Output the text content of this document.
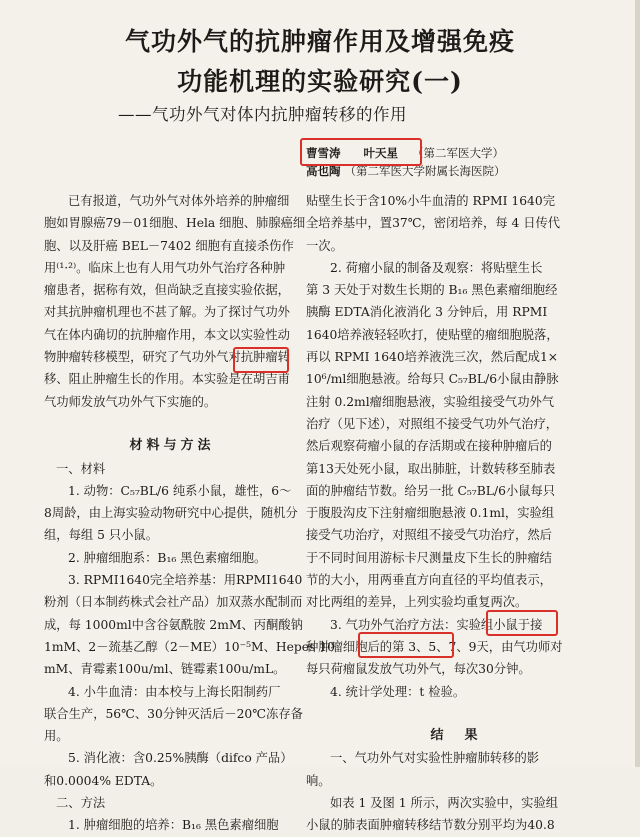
气功外气的抗肿瘤作用及增强免疫
功能机理的实验研究(一)
——气功外气对体内抗肿瘤转移的作用
曹雪涛　　叶天星 （第二军医大学）
高也陶 （第二军医大学附属长海医院）

已有报道，气功外气对体外培养的肿瘤细

胞如胃腺癌79－01细胞、Hela 细胞、肺腺癌细

胞、以及肝癌 BEL－7402 细胞有直接杀伤作

用⁽¹·²⁾。临床上也有人用气功外气治疗各种肿

瘤患者，据称有效，但尚缺乏直接实验依据，

对其抗肿瘤机理也不甚了解。为了探讨气功外

气在体内确切的抗肿瘤作用，本文以实验性动

物肿瘤转移模型，研究了气功外气对抗肿瘤转

移、阻止肿瘤生长的作用。本实验是在胡吉甫

气功师发放气功外气下实施的。

材料与方法

一、材料

1. 动物：C₅₇BL/6 纯系小鼠，雄性，6～

8周龄，由上海实验动物研究中心提供，随机分

组，每组 5 只小鼠。

2. 肿瘤细胞系：B₁₆ 黑色素瘤细胞。

3. RPMI1640完全培养基：用RPMI1640

粉剂（日本制药株式会社产品）加双蒸水配制而

成，每 1000ml中含谷氨酰胺 2mM、丙酮酸钠

1mM、2－巯基乙醇（2－ME）10⁻⁵M、Hepes 10

mM、青霉素100u/ml、链霉素100u/mL。

4. 小牛血清：由本校与上海长阳制药厂

联合生产，56℃、30分钟灭活后－20℃冻存备

用。

5. 消化液：含0.25%胰酶（difco 产品）

和0.0004% EDTA。

二、方法

1. 肿瘤细胞的培养：B₁₆ 黑色素瘤细胞

贴壁生长于含10%小牛血清的 RPMI 1640完

全培养基中，置37℃，密闭培养，每 4 日传代

一次。

2. 荷瘤小鼠的制备及观察：将贴壁生长

第 3 天处于对数生长期的 B₁₆ 黑色素瘤细胞经

胰酶 EDTA消化液消化 3 分钟后，用 RPMI

1640培养液轻轻吹打，使贴壁的瘤细胞脱落，

再以 RPMI 1640培养液洗三次，然后配成1×

10⁶/ml细胞悬液。给每只 C₅₇BL/6小鼠由静脉

注射 0.2ml瘤细胞悬液，实验组接受气功外气

治疗（见下述），对照组不接受气功外气治疗，

然后观察荷瘤小鼠的存活期或在接种肿瘤后的

第13天处死小鼠，取出肺脏，计数转移至肺表

面的肿瘤结节数。给另一批 C₅₇BL/6小鼠每只

于腹股沟皮下注射瘤细胞悬液 0.1ml，实验组

接受气功治疗，对照组不接受气功治疗，然后

于不同时间用游标卡尺测量皮下生长的肿瘤结

节的大小，用两垂直方向直径的平均值表示，

对比两组的差异，上列实验均重复两次。

3. 气功外气治疗方法：实验组小鼠于接

种肿瘤细胞后的第 3、5、7、9天，由气功师对

每只荷瘤鼠发放气功外气，每次30分钟。

4. 统计学处理：t 检验。

结　果

一、气功外气对实验性肿瘤肺转移的影

响。

如表 1 及图 1 所示，两次实验中，实验组

小鼠的肺表面肿瘤转移结节数分别平均为40.8
